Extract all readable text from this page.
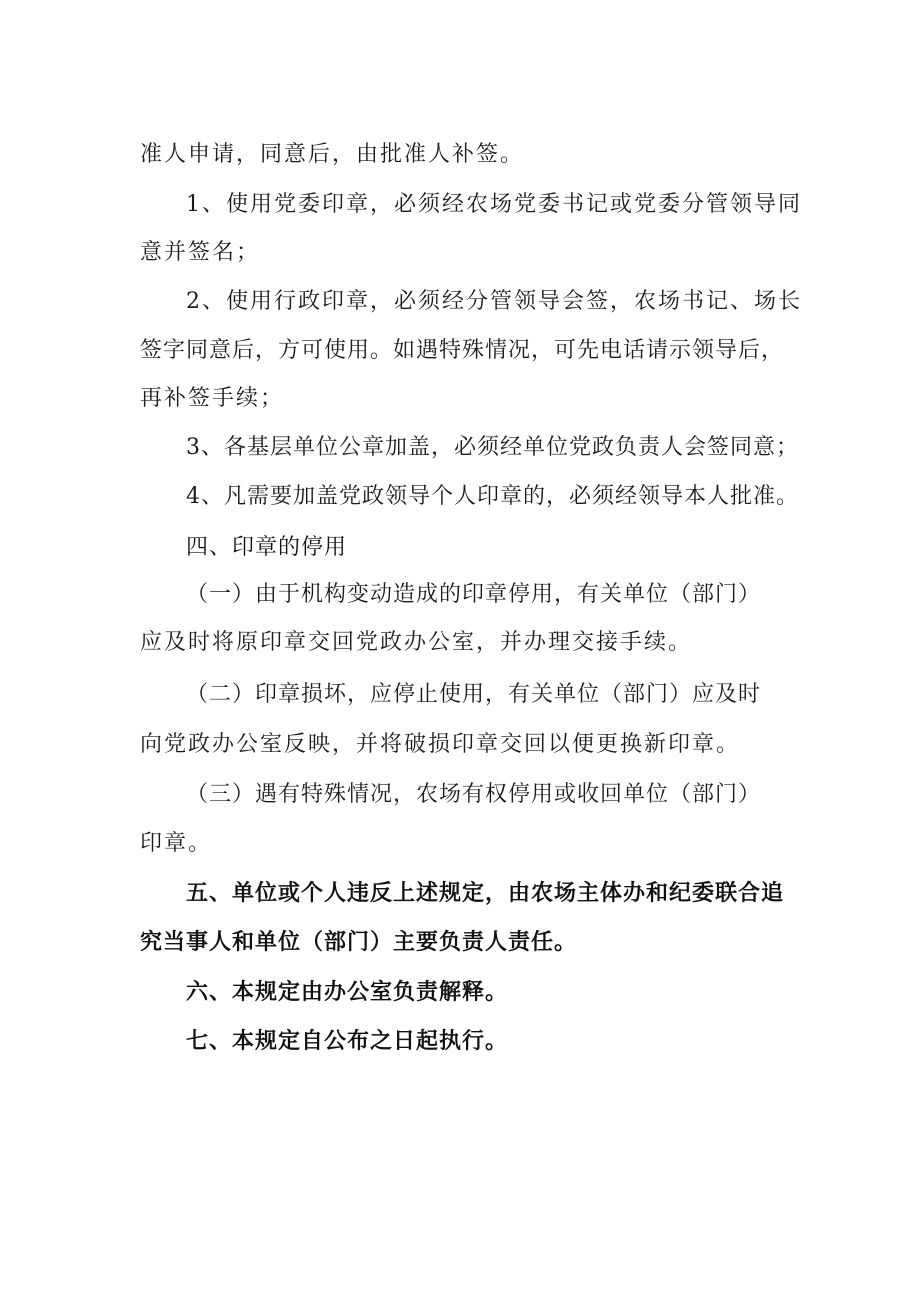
准人申请，同意后，由批准人补签。
1、使用党委印章，必须经农场党委书记或党委分管领导同
意并签名；
2、使用行政印章，必须经分管领导会签，农场书记、场长
签字同意后，方可使用。如遇特殊情况，可先电话请示领导后，
再补签手续；
3、各基层单位公章加盖，必须经单位党政负责人会签同意；
4、凡需要加盖党政领导个人印章的，必须经领导本人批准。
四、印章的停用
（一）由于机构变动造成的印章停用，有关单位（部门）
应及时将原印章交回党政办公室，并办理交接手续。
（二）印章损坏，应停止使用，有关单位（部门）应及时
向党政办公室反映，并将破损印章交回以便更换新印章。
（三）遇有特殊情况，农场有权停用或收回单位（部门）
印章。
五、单位或个人违反上述规定，由农场主体办和纪委联合追
究当事人和单位（部门）主要负责人责任。
六、本规定由办公室负责解释。
七、本规定自公布之日起执行。
